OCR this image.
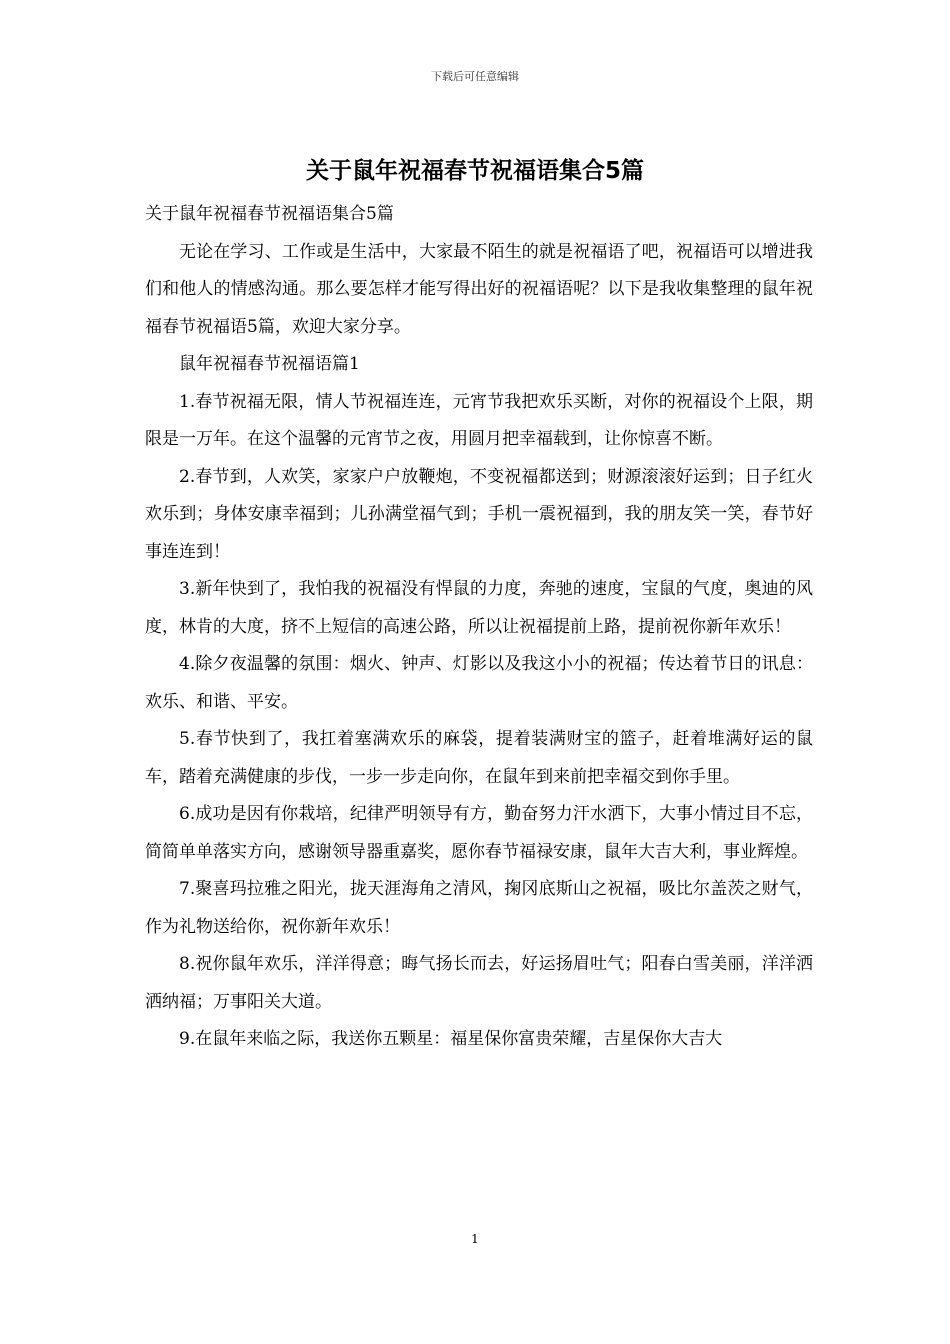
下载后可任意编辑
关于鼠年祝福春节祝福语集合5篇

关于鼠年祝福春节祝福语集合5篇

无论在学习、工作或是生活中，大家最不陌生的就是祝福语了吧，祝福语可以增进我们和他人的情感沟通。那么要怎样才能写得出好的祝福语呢？以下是我收集整理的鼠年祝福春节祝福语5篇，欢迎大家分享。

鼠年祝福春节祝福语篇1

1.春节祝福无限，情人节祝福连连，元宵节我把欢乐买断，对你的祝福设个上限，期限是一万年。在这个温馨的元宵节之夜，用圆月把幸福载到，让你惊喜不断。

2.春节到，人欢笑，家家户户放鞭炮，不变祝福都送到；财源滚滚好运到；日子红火欢乐到；身体安康幸福到；儿孙满堂福气到；手机一震祝福到，我的朋友笑一笑，春节好事连连到！

3.新年快到了，我怕我的祝福没有悍鼠的力度，奔驰的速度，宝鼠的气度，奥迪的风度，林肯的大度，挤不上短信的高速公路，所以让祝福提前上路，提前祝你新年欢乐！

4.除夕夜温馨的氛围：烟火、钟声、灯影以及我这小小的祝福；传达着节日的讯息：欢乐、和谐、平安。

5.春节快到了，我扛着塞满欢乐的麻袋，提着装满财宝的篮子，赶着堆满好运的鼠车，踏着充满健康的步伐，一步一步走向你，在鼠年到来前把幸福交到你手里。

6.成功是因有你栽培，纪律严明领导有方，勤奋努力汗水洒下，大事小情过目不忘，简简单单落实方向，感谢领导器重嘉奖，愿你春节福禄安康，鼠年大吉大利，事业辉煌。

7.聚喜玛拉雅之阳光，拢天涯海角之清风，掬冈底斯山之祝福，吸比尔盖茨之财气，作为礼物送给你，祝你新年欢乐！

8.祝你鼠年欢乐，洋洋得意；晦气扬长而去，好运扬眉吐气；阳春白雪美丽，洋洋洒洒纳福；万事阳关大道。

9.在鼠年来临之际，我送你五颗星：福星保你富贵荣耀，吉星保你大吉大

1
